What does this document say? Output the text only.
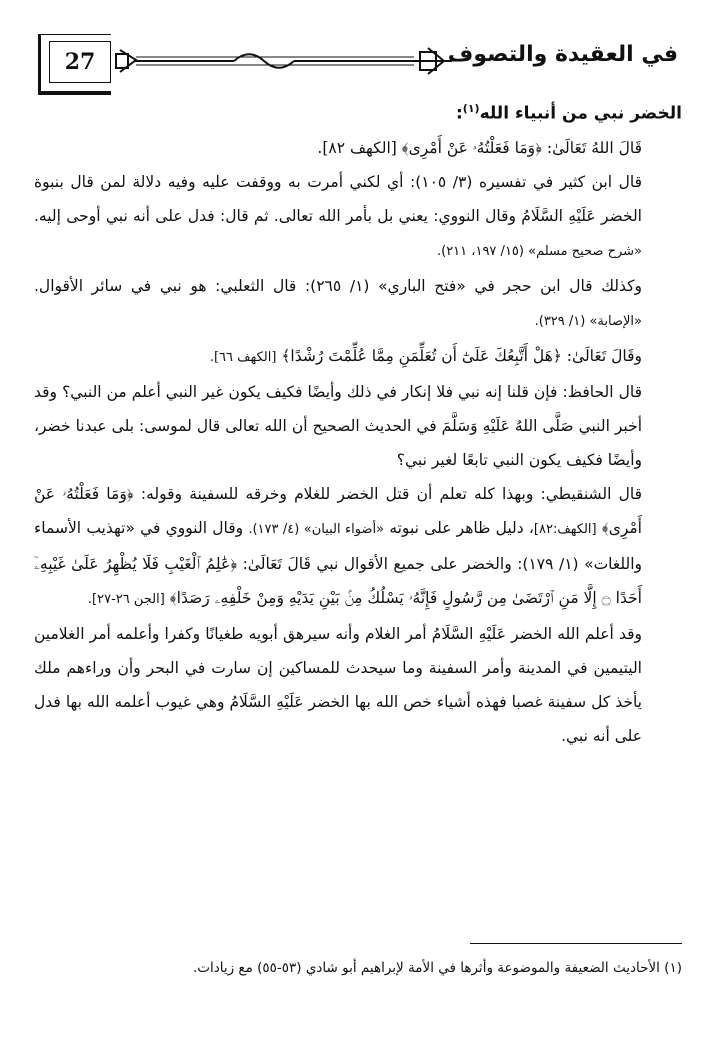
27	في العقيدة والتصوف

الخضر نبي من أنبياء الله$^{(١)}$:

قَالَ اللهُ تَعَالَىٰ: ﴿وَمَا فَعَلْتُهُۥ عَنْ أَمْرِى﴾ [الكهف ٨٢].

قال ابن كثير في تفسيره (٣/ ١٠٥): أي لكني أمرت به ووقفت عليه وفيه دلالة لمن قال بنبوة الخضر عَلَيْهِ السَّلَامُ وقال النووي: يعني بل بأمر الله تعالى. ثم قال: فدل على أنه نبي أوحى إليه. «شرح صحيح مسلم» (١٥/ ١٩٧، ٢١١).

وكذلك قال ابن حجر في «فتح الباري» (١/ ٢٦٥): قال الثعلبي: هو نبي في سائر الأقوال. «الإصابة» (١/ ٣٢٩).

وقَالَ تَعَالَىٰ: ﴿هَلْ أَتَّبِعُكَ عَلَىٰٓ أَن تُعَلِّمَنِ مِمَّا عُلِّمْتَ رُشْدًا﴾ [الكهف ٦٦].

قال الحافظ: فإن قلنا إنه نبي فلا إنكار في ذلك وأيضًا فكيف يكون غير النبي أعلم من النبي؟ وقد أخبر النبي صَلَّى اللهُ عَلَيْهِ وَسَلَّمَ في الحديث الصحيح أن الله تعالى قال لموسى: بلى عبدنا خضر، وأيضًا فكيف يكون النبي تابعًا لغير نبي؟

قال الشنقيطي: وبهذا كله تعلم أن قتل الخضر للغلام وخرقه للسفينة وقوله: ﴿وَمَا فَعَلْتُهُۥ عَنْ أَمْرِى﴾ [الكهف:٨٢]، دليل ظاهر على نبوته «أضواء البيان» (٤/ ١٧٣). وقال النووي في «تهذيب الأسماء واللغات» (١/ ١٧٩): والخضر على جميع الأقوال نبي قَالَ تَعَالَىٰ: ﴿عَٰلِمُ ٱلْغَيْبِ فَلَا يُظْهِرُ عَلَىٰ غَيْبِهِۦٓ أَحَدًا ۝ إِلَّا مَنِ ٱرْتَضَىٰ مِن رَّسُولٍ فَإِنَّهُۥ يَسْلُكُ مِنۢ بَيْنِ يَدَيْهِ وَمِنْ خَلْفِهِۦ رَصَدًا﴾ [الجن ٢٦-٢٧].

وقد أعلم الله الخضر عَلَيْهِ السَّلَامُ أمر الغلام وأنه سيرهق أبويه طغيانًا وكفرا وأعلمه أمر الغلامين اليتيمين في المدينة وأمر السفينة وما سيحدث للمساكين إن سارت في البحر وأن وراءهم ملك يأخذ كل سفينة غصبا فهذه أشياء خص الله بها الخضر عَلَيْهِ السَّلَامُ وهي غيوب أعلمه الله بها فدل على أنه نبي.

(١) الأحاديث الضعيفة والموضوعة وأثرها في الأمة لإبراهيم أبو شادي (٥٣-٥٥) مع زيادات.
